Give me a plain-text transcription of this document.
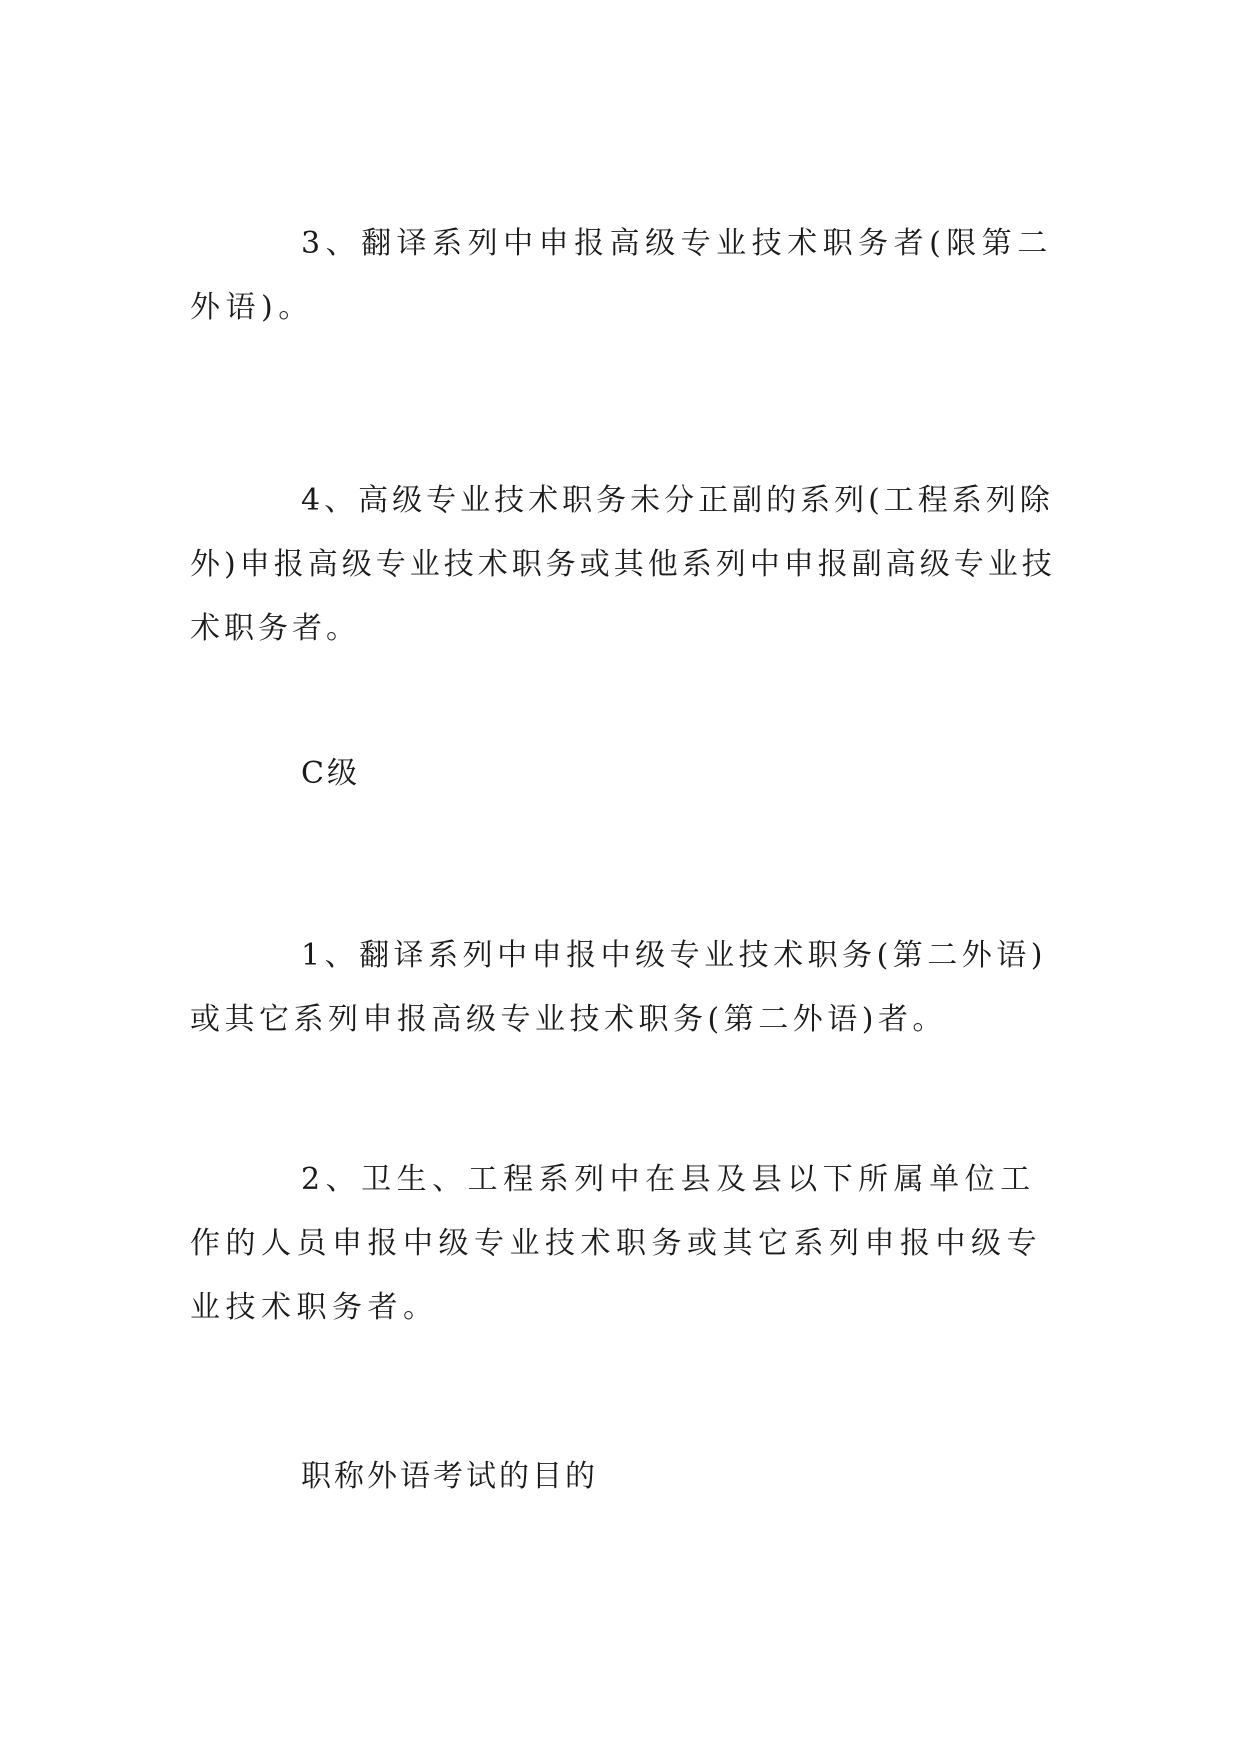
3、翻译系列中申报高级专业技术职务者(限第二外语)。

4、高级专业技术职务未分正副的系列(工程系列除外)申报高级专业技术职务或其他系列中申报副高级专业技术职务者。

C级

1、翻译系列中申报中级专业技术职务(第二外语)或其它系列申报高级专业技术职务(第二外语)者。

2、卫生、工程系列中在县及县以下所属单位工作的人员申报中级专业技术职务或其它系列申报中级专业技术职务者。

职称外语考试的目的
